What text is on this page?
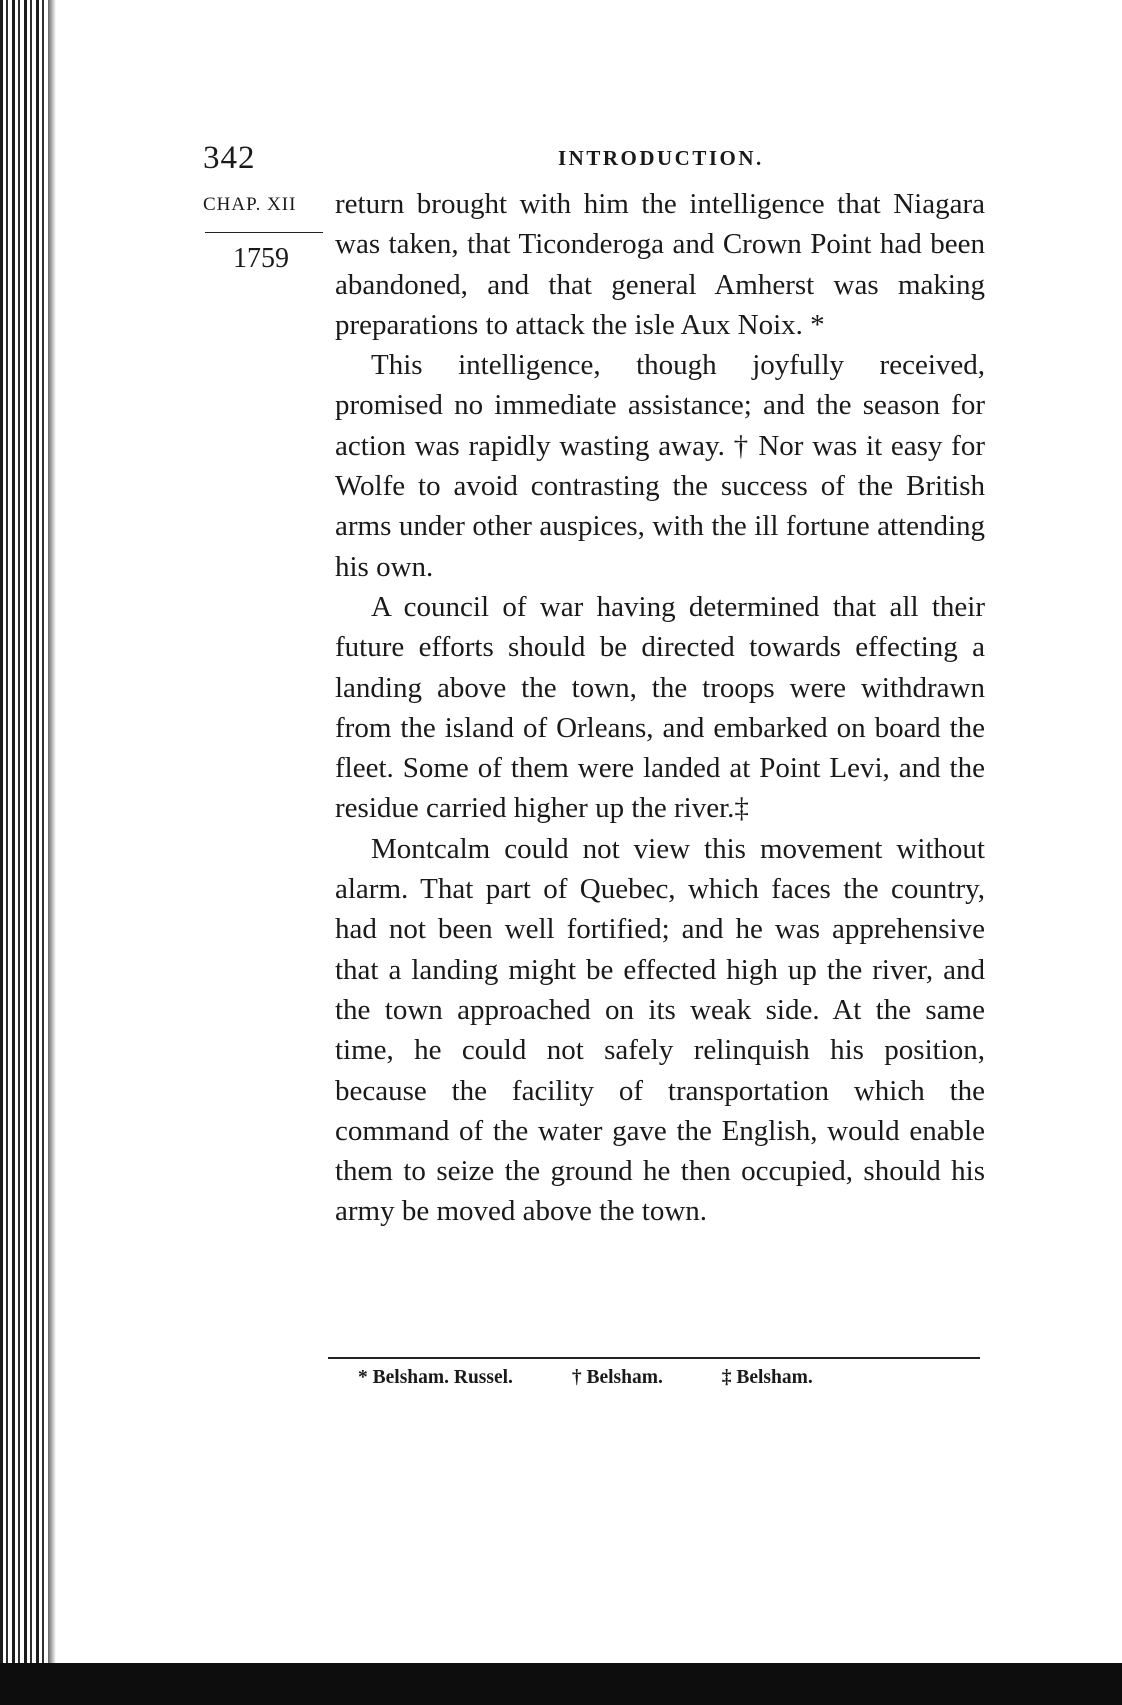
342	INTRODUCTION.
CHAP. XII
1759

return brought with him the intelligence that Niagara was taken, that Ticonderoga and Crown Point had been abandoned, and that general Amherst was making preparations to attack the isle Aux Noix. *

This intelligence, though joyfully received, promised no immediate assistance; and the season for action was rapidly wasting away. † Nor was it easy for Wolfe to avoid contrasting the success of the British arms under other auspices, with the ill fortune attending his own.

A council of war having determined that all their future efforts should be directed towards effecting a landing above the town, the troops were withdrawn from the island of Orleans, and embarked on board the fleet. Some of them were landed at Point Levi, and the residue carried higher up the river.‡

Montcalm could not view this movement without alarm. That part of Quebec, which faces the country, had not been well fortified; and he was apprehensive that a landing might be effected high up the river, and the town approached on its weak side. At the same time, he could not safely relinquish his position, because the facility of transportation which the command of the water gave the English, would enable them to seize the ground he then occupied, should his army be moved above the town.

* Belsham. Russel.	† Belsham.	‡ Belsham.
